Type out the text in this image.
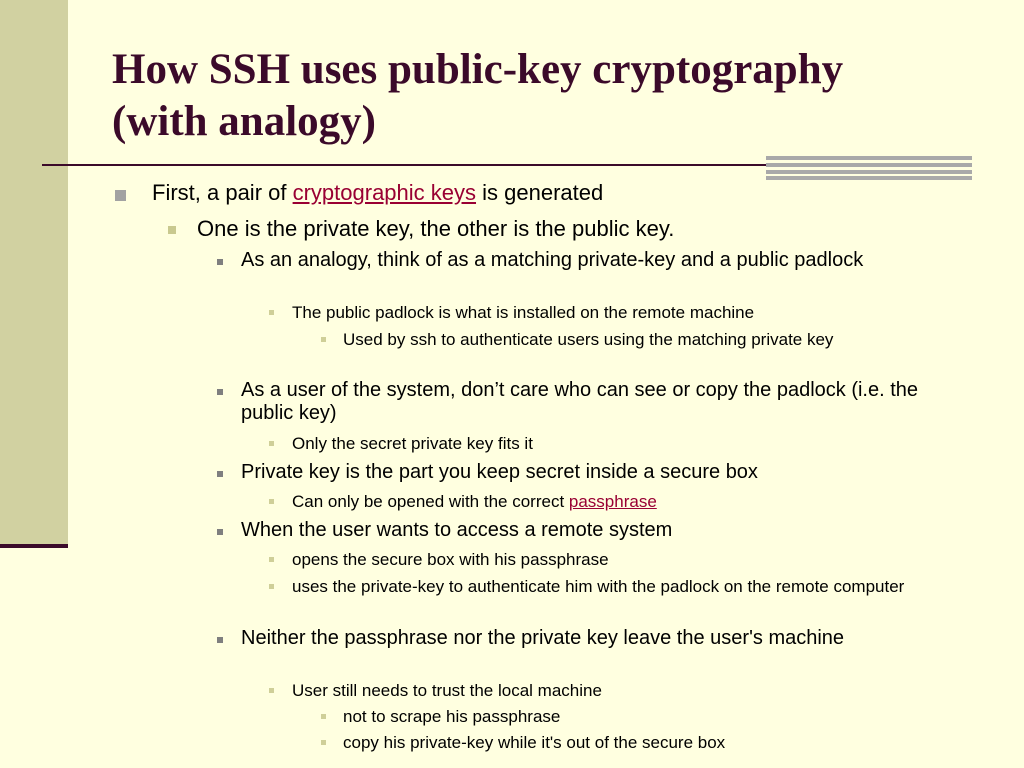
How SSH uses public-key cryptography
(with analogy)
First, a pair of cryptographic keys is generated
One is the private key, the other is the public key.
As an analogy, think of as a matching private-key and a public padlock
The public padlock is what is installed on the remote machine
Used by ssh to authenticate users using the matching private key
As a user of the system, don’t care who can see or copy the padlock (i.e. the public key)
Only the secret private key fits it
Private key is the part you keep secret inside a secure box
Can only be opened with the correct passphrase
When the user wants to access a remote system
opens the secure box with his passphrase
uses the private-key to authenticate him with the padlock on the remote computer
Neither the passphrase nor the private key leave the user's machine
User still needs to trust the local machine
not to scrape his passphrase
copy his private-key while it's out of the secure box
